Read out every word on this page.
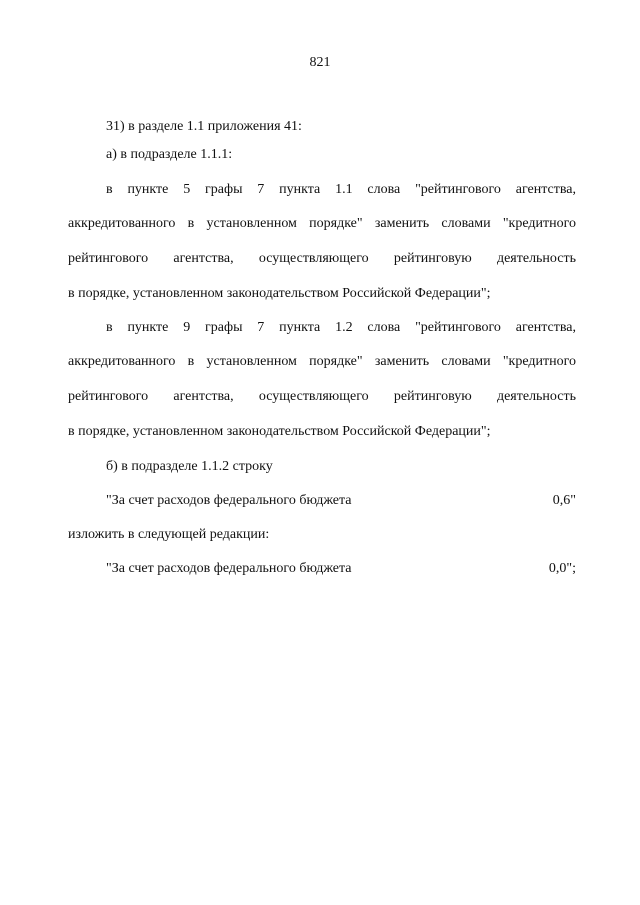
821
31) в разделе 1.1 приложения 41:
а) в подразделе 1.1.1:
в пункте 5 графы 7 пункта 1.1 слова "рейтингового агентства,
аккредитованного в установленном порядке" заменить словами "кредитного
рейтингового агентства, осуществляющего рейтинговую деятельность
в порядке, установленном законодательством Российской Федерации";
в пункте 9 графы 7 пункта 1.2 слова "рейтингового агентства,
аккредитованного в установленном порядке" заменить словами "кредитного
рейтингового агентства, осуществляющего рейтинговую деятельность
в порядке, установленном законодательством Российской Федерации";
б) в подразделе 1.1.2 строку
"За счет расходов федерального бюджета	0,6"
изложить в следующей редакции:
"За счет расходов федерального бюджета	0,0";
